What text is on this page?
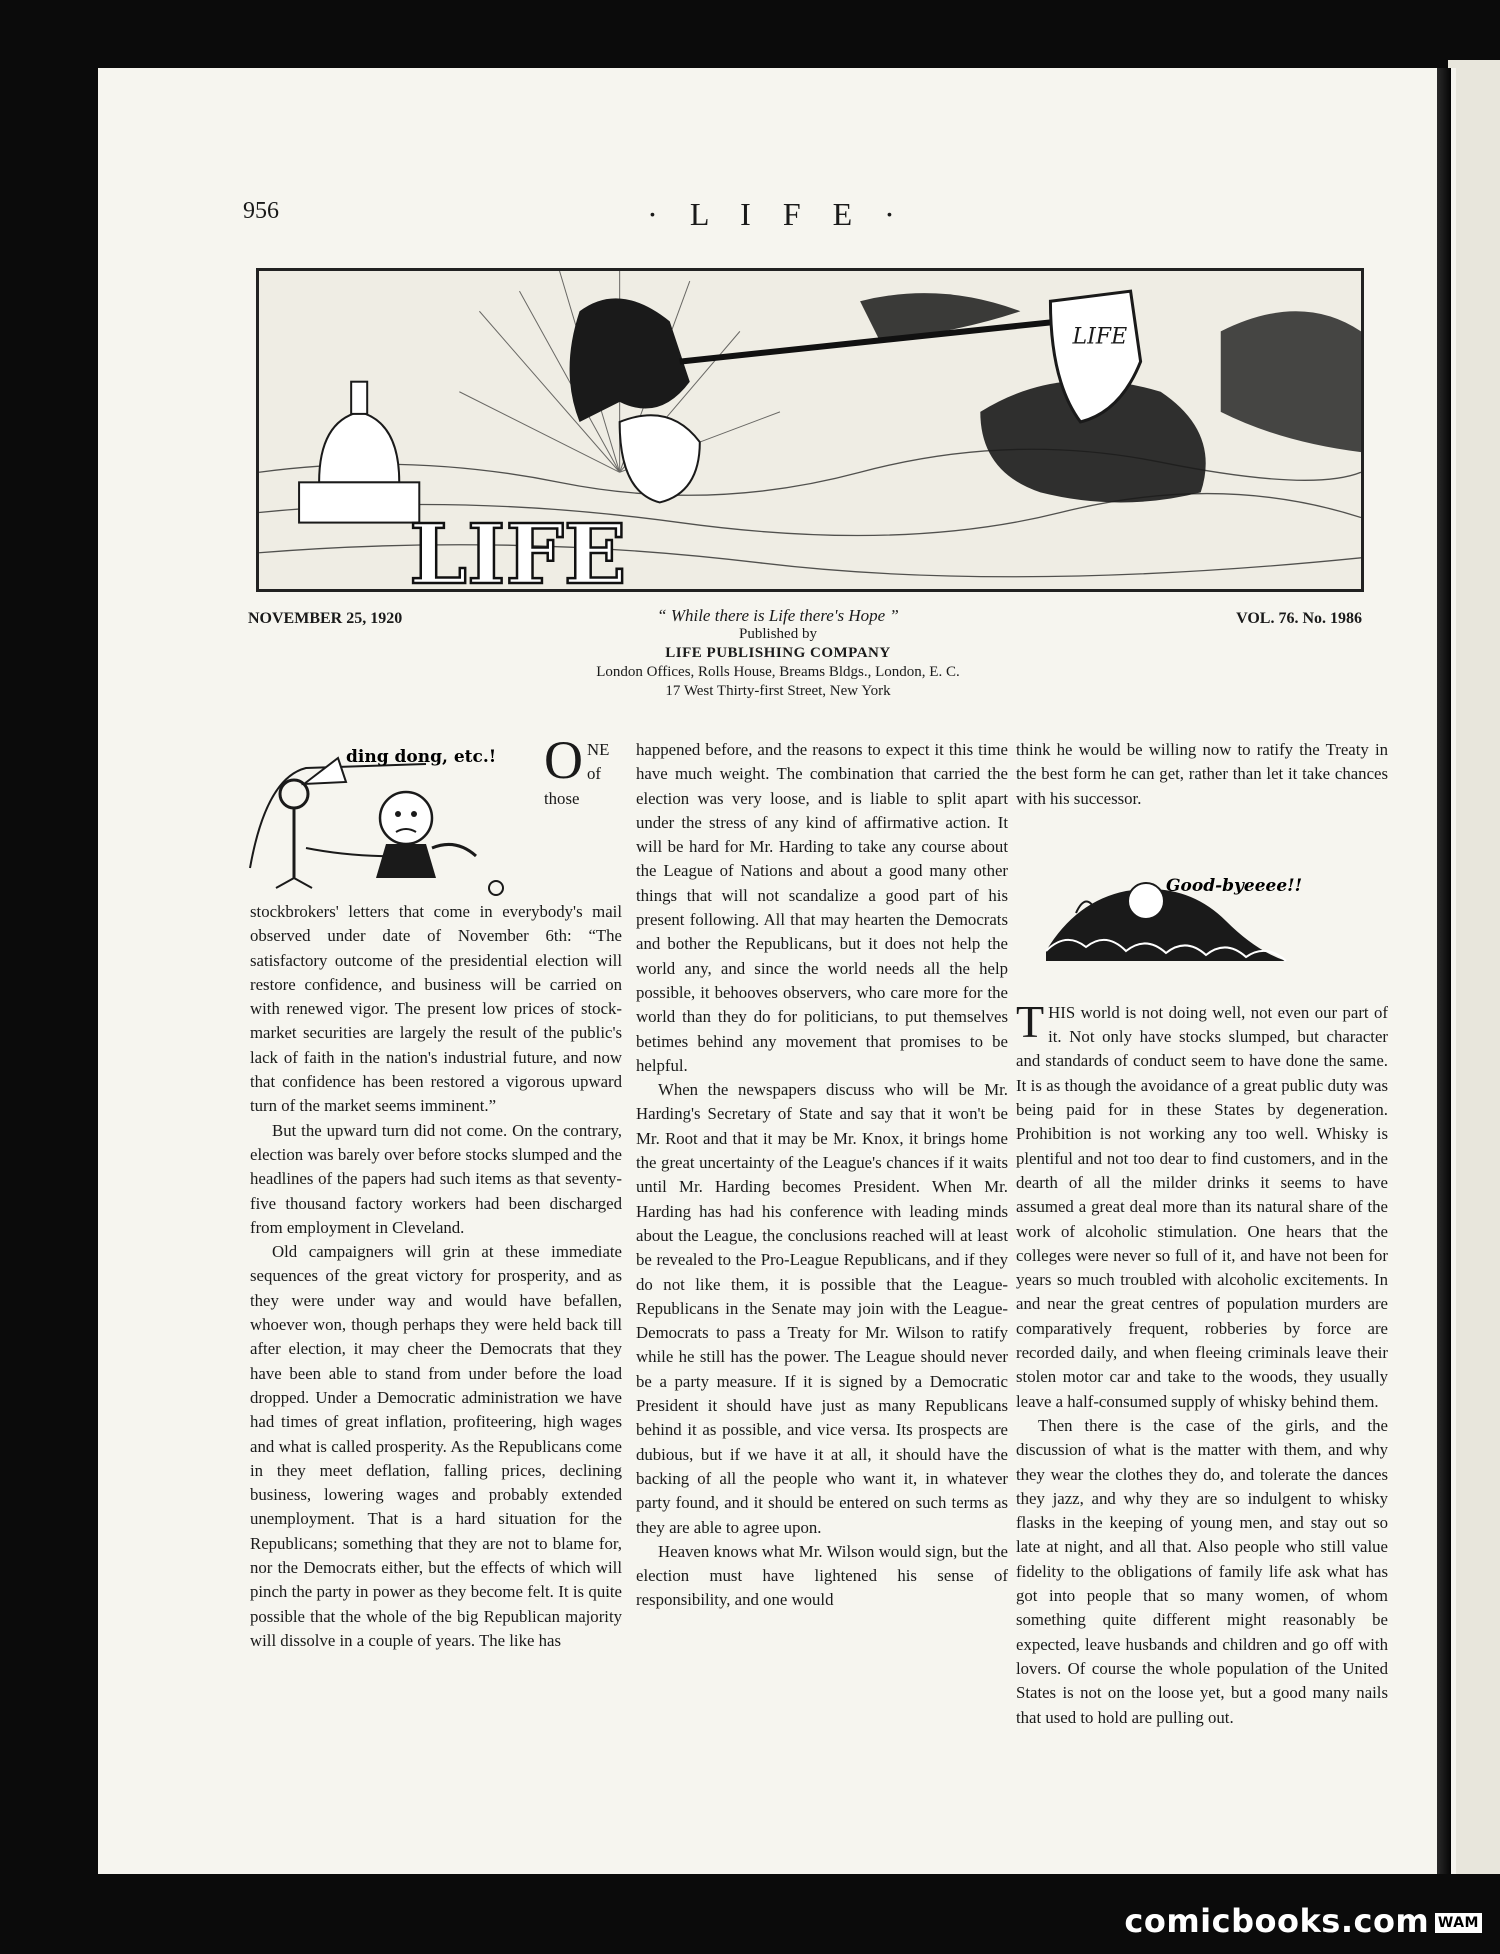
956	· L I F E ·
LIFE
LIFE
NOVEMBER 25, 1920	VOL. 76. No. 1986
“ While there is Life there's Hope ”
Published by
LIFE PUBLISHING COMPANY
London Offices, Rolls House, Breams Bldgs., London, E. C.
17 West Thirty-first Street, New York
ding dong, etc.! ONE of those stockbrokers' letters that come in everybody's mail observed under date of November 6th: “The satisfactory outcome of the presidential election will restore confidence, and business will be carried on with renewed vigor. The present low prices of stock-market securities are largely the result of the public's lack of faith in the nation's industrial future, and now that confidence has been restored a vigorous upward turn of the market seems imminent.”

But the upward turn did not come. On the contrary, election was barely over before stocks slumped and the headlines of the papers had such items as that seventy-five thousand factory workers had been discharged from employment in Cleveland.

Old campaigners will grin at these immediate sequences of the great victory for prosperity, and as they were under way and would have befallen, whoever won, though perhaps they were held back till after election, it may cheer the Democrats that they have been able to stand from under before the load dropped. Under a Democratic administration we have had times of great inflation, profiteering, high wages and what is called prosperity. As the Republicans come in they meet deflation, falling prices, declining business, lowering wages and probably extended unemployment. That is a hard situation for the Republicans; something that they are not to blame for, nor the Democrats either, but the effects of which will pinch the party in power as they become felt. It is quite possible that the whole of the big Republican majority will dissolve in a couple of years. The like has

happened before, and the reasons to expect it this time have much weight. The combination that carried the election was very loose, and is liable to split apart under the stress of any kind of affirmative action. It will be hard for Mr. Harding to take any course about the League of Nations and about a good many other things that will not scandalize a good part of his present following. All that may hearten the Democrats and bother the Republicans, but it does not help the world any, and since the world needs all the help possible, it behooves observers, who care more for the world than they do for politicians, to put themselves betimes behind any movement that promises to be helpful.

When the newspapers discuss who will be Mr. Harding's Secretary of State and say that it won't be Mr. Root and that it may be Mr. Knox, it brings home the great uncertainty of the League's chances if it waits until Mr. Harding becomes President. When Mr. Harding has had his conference with leading minds about the League, the conclusions reached will at least be revealed to the Pro-League Republicans, and if they do not like them, it is possible that the League-Republicans in the Senate may join with the League-Democrats to pass a Treaty for Mr. Wilson to ratify while he still has the power. The League should never be a party measure. If it is signed by a Democratic President it should have just as many Republicans behind it as possible, and vice versa. Its prospects are dubious, but if we have it at all, it should have the backing of all the people who want it, in whatever party found, and it should be entered on such terms as they are able to agree upon.

Heaven knows what Mr. Wilson would sign, but the election must have lightened his sense of responsibility, and one would

think he would be willing now to ratify the Treaty in the best form he can get, rather than let it take chances with his successor.

Good-byeeee!!

THIS world is not doing well, not even our part of it. Not only have stocks slumped, but character and standards of conduct seem to have done the same. It is as though the avoidance of a great public duty was being paid for in these States by degeneration. Prohibition is not working any too well. Whisky is plentiful and not too dear to find customers, and in the dearth of all the milder drinks it seems to have assumed a great deal more than its natural share of the work of alcoholic stimulation. One hears that the colleges were never so full of it, and have not been for years so much troubled with alcoholic excitements. In and near the great centres of population murders are comparatively frequent, robberies by force are recorded daily, and when fleeing criminals leave their stolen motor car and take to the woods, they usually leave a half-consumed supply of whisky behind them.

Then there is the case of the girls, and the discussion of what is the matter with them, and why they wear the clothes they do, and tolerate the dances they jazz, and why they are so indulgent to whisky flasks in the keeping of young men, and stay out so late at night, and all that. Also people who still value fidelity to the obligations of family life ask what has got into people that so many women, of whom something quite different might reasonably be expected, leave husbands and children and go off with lovers. Of course the whole population of the United States is not on the loose yet, but a good many nails that used to hold are pulling out.

comicbooks.com WAM
